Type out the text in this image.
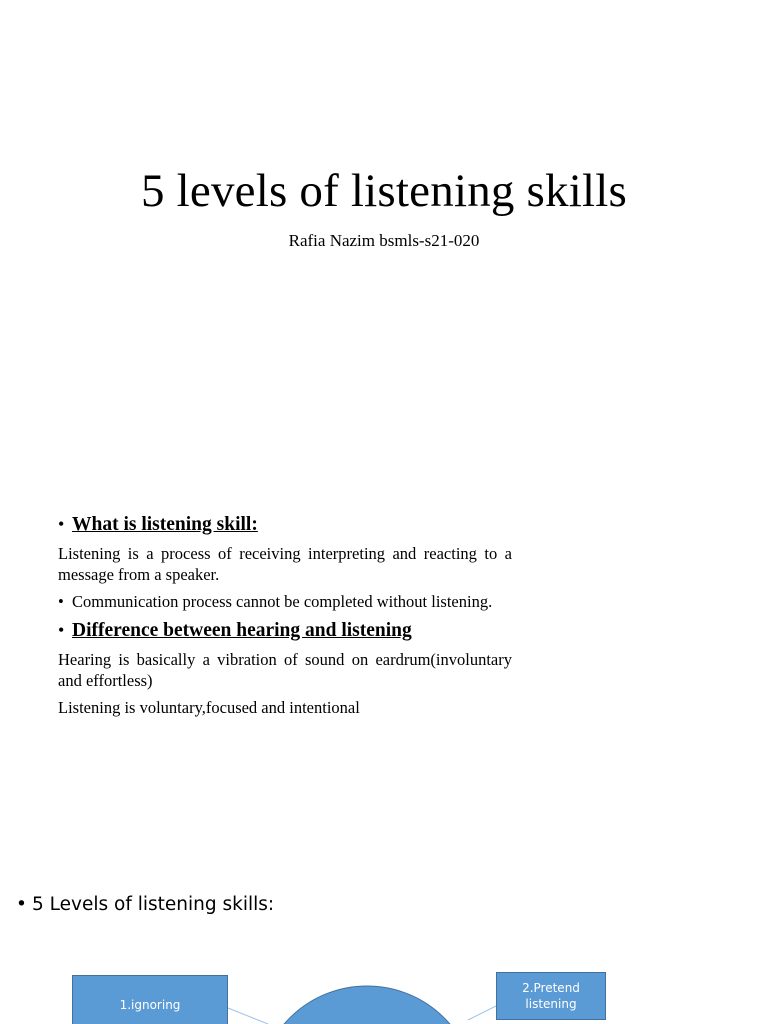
5 levels of listening skills
Rafia Nazim bsmls-s21-020
• What is listening skill:
Listening is a process of receiving interpreting and reacting to a message from a speaker.
• Communication process cannot be completed without listening.
• Difference between hearing and listening
Hearing is basically a vibration of sound on eardrum(involuntary and effortless)
Listening is voluntary,focused and intentional
• 5 Levels of listening skills:
1.ignoring
2.Pretend listening
